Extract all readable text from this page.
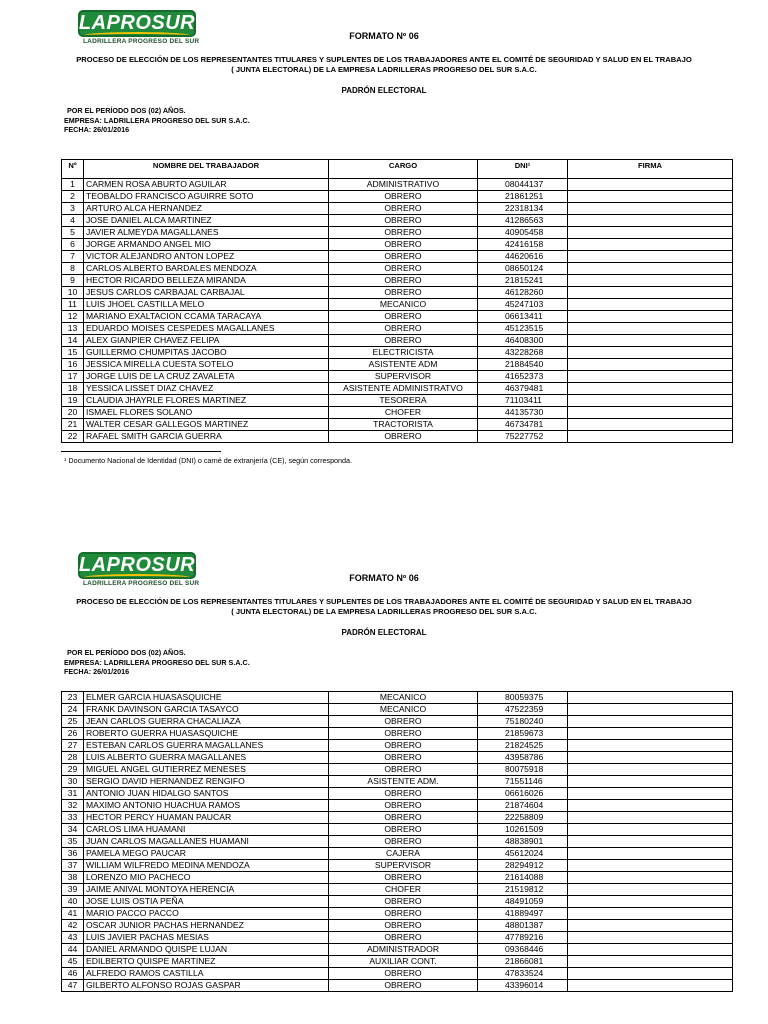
LAPROSUR
LADRILLERA PROGRESO DEL SUR
FORMATO Nº 06
PROCESO DE ELECCIÓN DE LOS REPRESENTANTES TITULARES Y SUPLENTES DE LOS TRABAJADORES ANTE EL COMITÉ DE SEGURIDAD Y SALUD EN EL TRABAJO
( JUNTA ELECTORAL) DE LA EMPRESA LADRILLERAS PROGRESO DEL SUR S.A.C.
PADRÓN ELECTORAL
POR EL PERÍODO DOS (02) AÑOS.
EMPRESA: LADRILLERA PROGRESO DEL SUR S.A.C.
FECHA: 26/01/2016
Nº	NOMBRE DEL TRABAJADOR	CARGO	DNI¹	FIRMA
1	CARMEN ROSA ABURTO AGUILAR	ADMINISTRATIVO	08044137	
2	TEOBALDO FRANCISCO AGUIRRE SOTO	OBRERO	21861251	
3	ARTURO ALCA HERNANDEZ	OBRERO	22318134	
4	JOSE DANIEL ALCA MARTINEZ	OBRERO	41286563	
5	JAVIER ALMEYDA MAGALLANES	OBRERO	40905458	
6	JORGE ARMANDO ANGEL MIO	OBRERO	42416158	
7	VICTOR ALEJANDRO ANTON LOPEZ	OBRERO	44620616	
8	CARLOS ALBERTO BARDALES MENDOZA	OBRERO	08650124	
9	HECTOR RICARDO BELLEZA MIRANDA	OBRERO	21815241	
10	JESUS CARLOS CARBAJAL CARBAJAL	OBRERO	46128260	
11	LUIS JHOEL CASTILLA MELO	MECANICO	45247103	
12	MARIANO EXALTACION CCAMA TARACAYA	OBRERO	06613411	
13	EDUARDO MOISES CESPEDES MAGALLANES	OBRERO	45123515	
14	ALEX GIANPIER CHAVEZ FELIPA	OBRERO	46408300	
15	GUILLERMO CHUMPITAS JACOBO	ELECTRICISTA	43228268	
16	JESSICA MIRELLA CUESTA SOTELO	ASISTENTE ADM	21884540	
17	JORGE LUIS DE LA CRUZ ZAVALETA	SUPERVISOR	41652373	
18	YESSICA LISSET DIAZ CHAVEZ	ASISTENTE ADMINISTRATVO	46379481	
19	CLAUDIA JHAYRLE FLORES MARTINEZ	TESORERA	71103411	
20	ISMAEL FLORES SOLANO	CHOFER	44135730	
21	WALTER CESAR GALLEGOS MARTINEZ	TRACTORISTA	46734781	
22	RAFAEL SMITH GARCIA GUERRA	OBRERO	75227752	
¹ Documento Nacional de Identidad (DNI) o carné de extranjería (CE), según corresponda.
LAPROSUR
LADRILLERA PROGRESO DEL SUR
FORMATO Nº 06
PROCESO DE ELECCIÓN DE LOS REPRESENTANTES TITULARES Y SUPLENTES DE LOS TRABAJADORES ANTE EL COMITÉ DE SEGURIDAD Y SALUD EN EL TRABAJO
( JUNTA ELECTORAL) DE LA EMPRESA LADRILLERAS PROGRESO DEL SUR S.A.C.
PADRÓN ELECTORAL
POR EL PERÍODO DOS (02) AÑOS.
EMPRESA: LADRILLERA PROGRESO DEL SUR S.A.C.
FECHA: 26/01/2016
23	ELMER GARCIA HUASASQUICHE	MECANICO	80059375	
24	FRANK DAVINSON GARCIA TASAYCO	MECANICO	47522359	
25	JEAN CARLOS GUERRA CHACALIAZA	OBRERO	75180240	
26	ROBERTO GUERRA HUASASQUICHE	OBRERO	21859673	
27	ESTEBAN CARLOS GUERRA MAGALLANES	OBRERO	21824525	
28	LUIS ALBERTO GUERRA MAGALLANES	OBRERO	43958786	
29	MIGUEL ANGEL GUTIERREZ MENESES	OBRERO	80075918	
30	SERGIO DAVID HERNANDEZ RENGIFO	ASISTENTE ADM.	71551146	
31	ANTONIO JUAN HIDALGO SANTOS	OBRERO	06616026	
32	MAXIMO ANTONIO HUACHUA RAMOS	OBRERO	21874604	
33	HECTOR PERCY HUAMAN PAUCAR	OBRERO	22258809	
34	CARLOS LIMA HUAMANI	OBRERO	10261509	
35	JUAN CARLOS MAGALLANES HUAMANI	OBRERO	48838901	
36	PAMELA MEGO PAUCAR	CAJERA	45612024	
37	WILLIAM WILFREDO MEDINA MENDOZA	SUPERVISOR	28294912	
38	LORENZO MIO PACHECO	OBRERO	21614088	
39	JAIME ANIVAL MONTOYA HERENCIA	CHOFER	21519812	
40	JOSE LUIS OSTIA PEÑA	OBRERO	48491059	
41	MARIO PACCO PACCO	OBRERO	41889497	
42	OSCAR JUNIOR PACHAS HERNANDEZ	OBRERO	48801387	
43	LUIS JAVIER PACHAS MESIAS	OBRERO	47789216	
44	DANIEL ARMANDO QUISPE LUJAN	ADMINISTRADOR	09368446	
45	EDILBERTO QUISPE MARTINEZ	AUXILIAR CONT.	21866081	
46	ALFREDO RAMOS CASTILLA	OBRERO	47833524	
47	GILBERTO ALFONSO ROJAS GASPAR	OBRERO	43396014	
